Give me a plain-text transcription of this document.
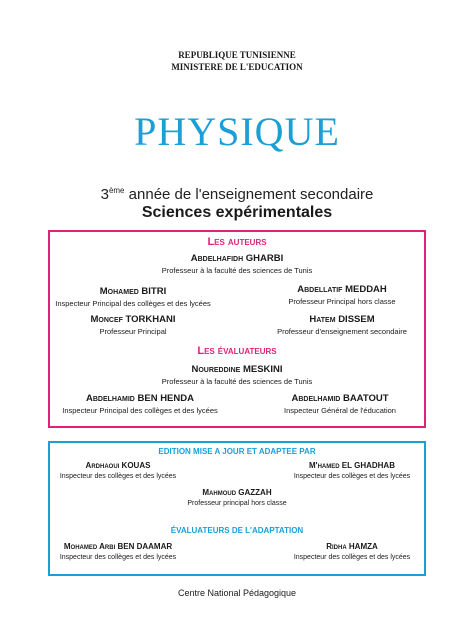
REPUBLIQUE TUNISIENNE
MINISTERE DE L'EDUCATION
PHYSIQUE
3ème année de l'enseignement secondaire
Sciences expérimentales
Les auteurs
Abdelhafidh GHARBI
Professeur à la faculté des sciences de Tunis
Mohamed BITRI
Inspecteur Principal des collèges et des lycées
Abdellatif MEDDAH
Professeur Principal hors classe
Moncef TORKHANI
Professeur Principal
Hatem DISSEM
Professeur d'enseignement secondaire
Les évaluateurs
Noureddine MESKINI
Professeur à la faculté des sciences de Tunis
Abdelhamid BEN HENDA
Inspecteur Principal des collèges et des lycées
Abdelhamid BAATOUT
Inspecteur Général de l'éducation
EDITION MISE A JOUR ET ADAPTEE PAR
Ardhaoui KOUAS
Inspecteur des collèges et des lycées
M'hamed EL GHADHAB
Inspecteur des collèges et des lycées
Mahmoud GAZZAH
Professeur principal hors classe
ÉVALUATEURS DE L'ADAPTATION
Mohamed Arbi BEN DAAMAR
Inspecteur des collèges et des lycées
Ridha HAMZA
Inspecteur des collèges et des lycées
Centre National Pédagogique
